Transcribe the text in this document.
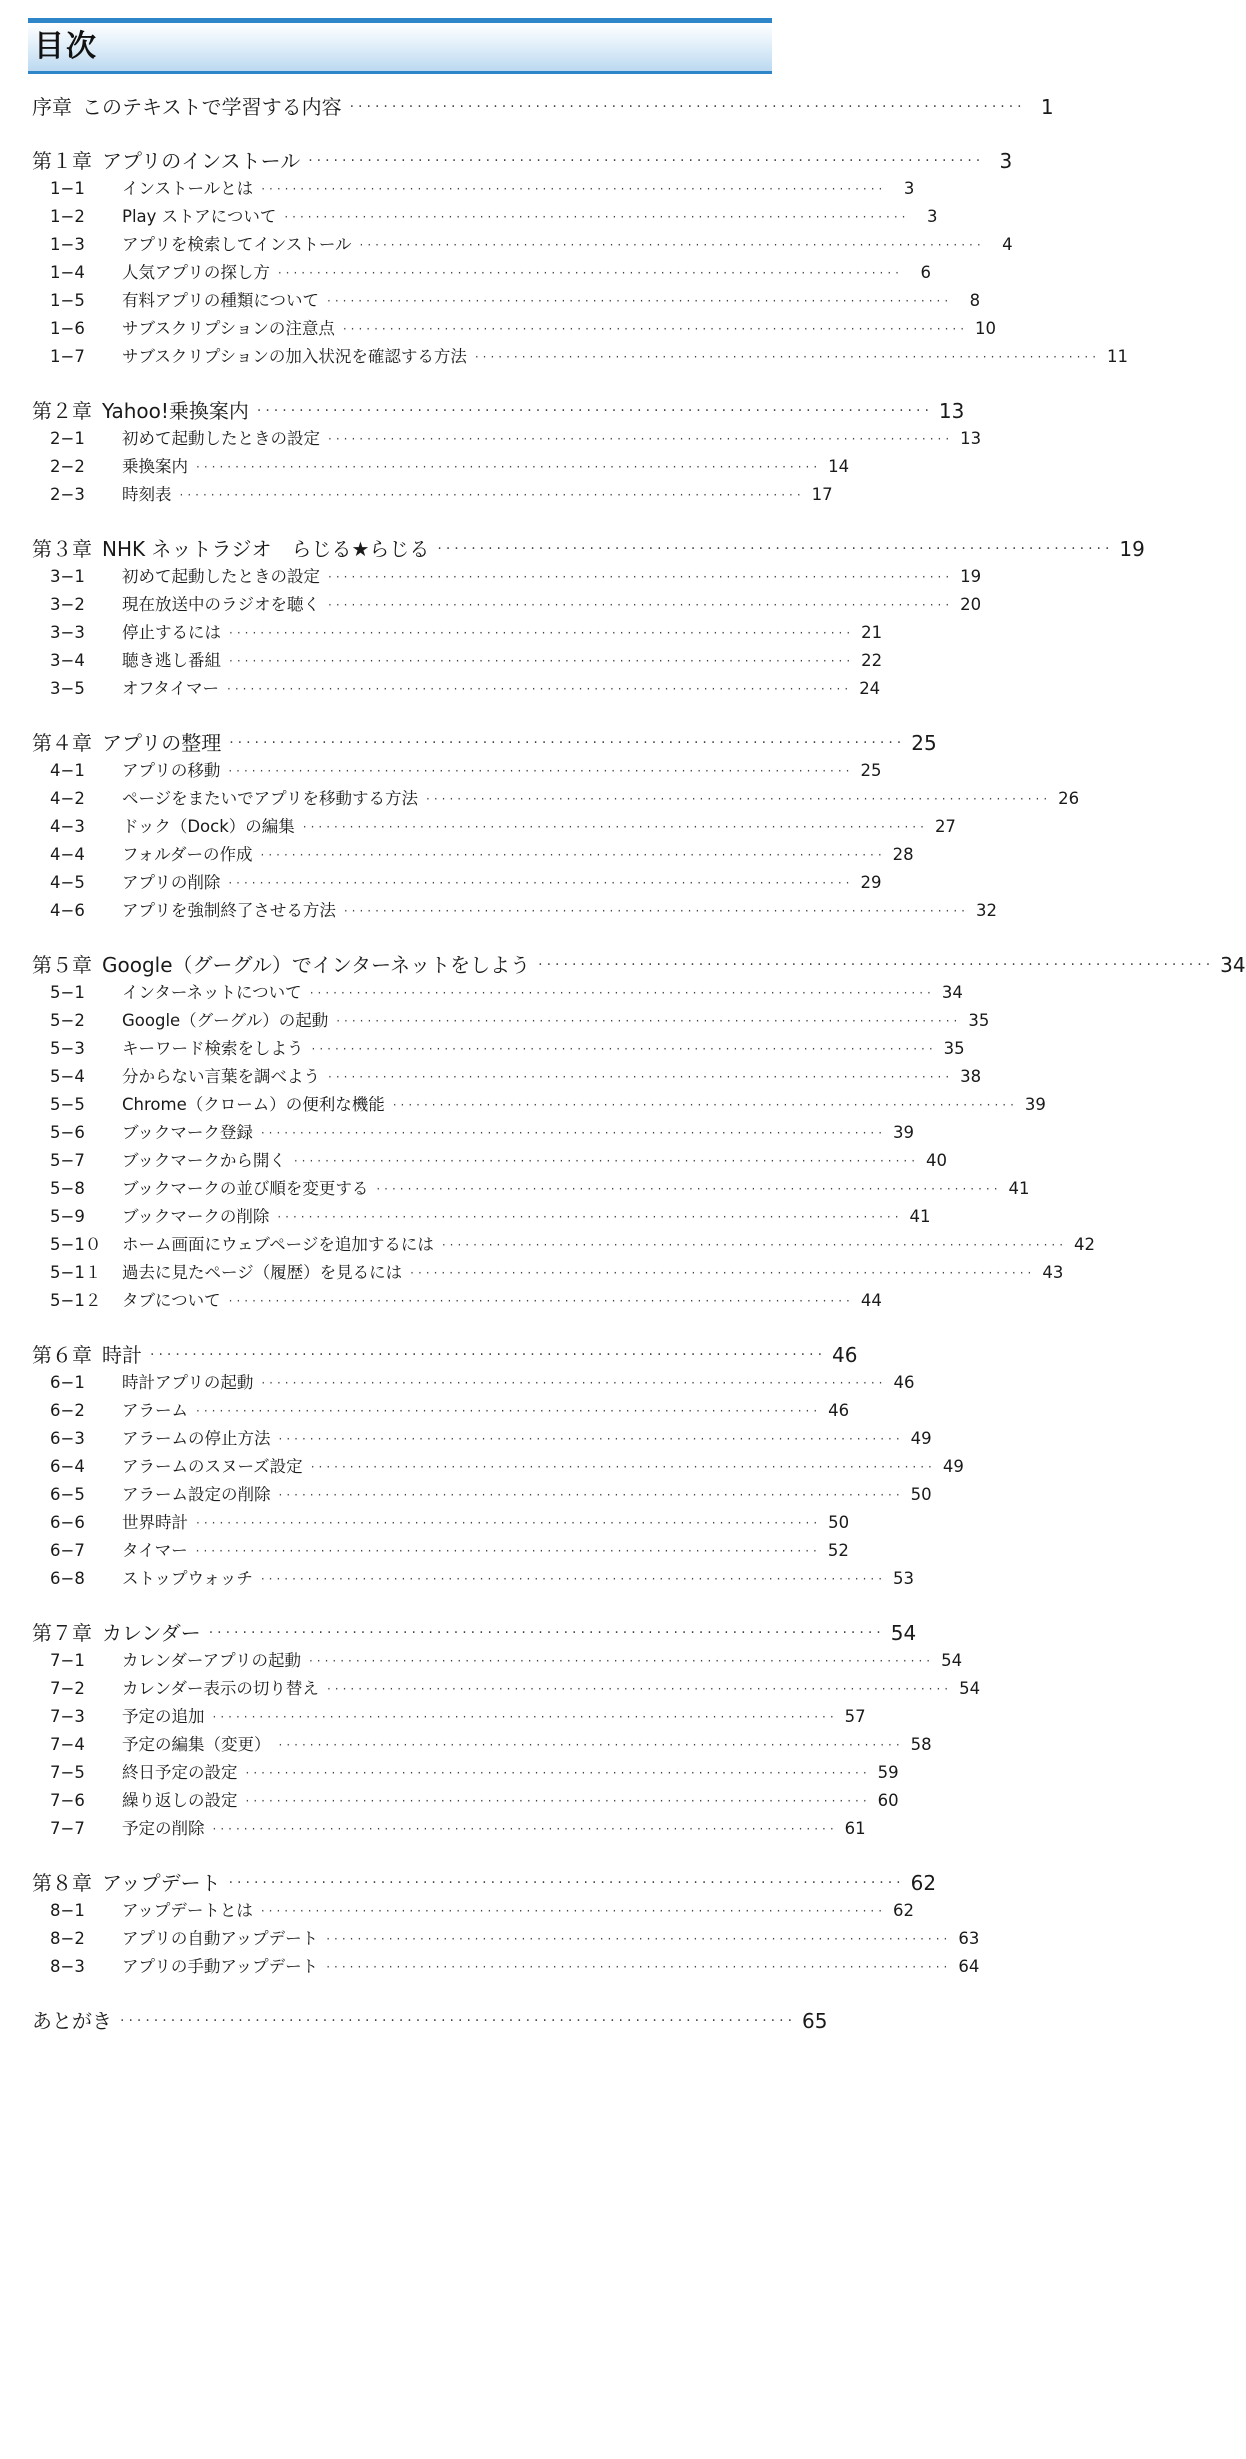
目次
序章 このテキストで学習する内容 ················································································ 1
第１章 アプリのインストール ················································································ 3
1−1 インストールとは ················································································	3
1−2 Play ストアについて ················································································	3
1−3 アプリを検索してインストール ················································································	4
1−4 人気アプリの探し方 ················································································	6
1−5 有料アプリの種類について ················································································	8
1−6 サブスクリプションの注意点 ················································································ 10
1−7 サブスクリプションの加入状況を確認する方法 ················································································ 11
第２章 Yahoo!乗換案内 ················································································ 13
2−1 初めて起動したときの設定 ················································································ 13
2−2 乗換案内 ················································································ 14
2−3 時刻表 ················································································ 17
第３章 NHK ネットラジオ　らじる★らじる ················································································ 19
3−1 初めて起動したときの設定 ················································································ 19
3−2 現在放送中のラジオを聴く ················································································ 20
3−3 停止するには ················································································ 21
3−4 聴き逃し番組 ················································································ 22
3−5 オフタイマー ················································································ 24
第４章 アプリの整理 ················································································ 25
4−1 アプリの移動 ················································································ 25
4−2 ページをまたいでアプリを移動する方法 ················································································ 26
4−3 ドック（Dock）の編集 ················································································ 27
4−4 フォルダーの作成 ················································································ 28
4−5 アプリの削除 ················································································ 29
4−6 アプリを強制終了させる方法 ················································································ 32
第５章 Google（グーグル）でインターネットをしよう ················································································ 34
5−1 インターネットについて ················································································ 34
5−2 Google（グーグル）の起動 ················································································ 35
5−3 キーワード検索をしよう ················································································ 35
5−4 分からない言葉を調べよう ················································································ 38
5−5 Chrome（クローム）の便利な機能 ················································································ 39
5−6 ブックマーク登録 ················································································ 39
5−7 ブックマークから開く ················································································ 40
5−8 ブックマークの並び順を変更する ················································································ 41
5−9 ブックマークの削除 ················································································ 41
5−1０ ホーム画面にウェブページを追加するには ················································································ 42
5−1１ 過去に見たページ（履歴）を見るには ················································································ 43
5−1２ タブについて ················································································ 44
第６章 時計 ················································································ 46
6−1 時計アプリの起動 ················································································ 46
6−2 アラーム ················································································ 46
6−3 アラームの停止方法 ················································································ 49
6−4 アラームのスヌーズ設定 ················································································ 49
6−5 アラーム設定の削除 ················································································ 50
6−6 世界時計 ················································································ 50
6−7 タイマー ················································································ 52
6−8 ストップウォッチ ················································································ 53
第７章 カレンダー ················································································ 54
7−1 カレンダーアプリの起動 ················································································ 54
7−2 カレンダー表示の切り替え ················································································ 54
7−3 予定の追加 ················································································ 57
7−4 予定の編集（変更） ················································································ 58
7−5 終日予定の設定 ················································································ 59
7−6 繰り返しの設定 ················································································ 60
7−7 予定の削除 ················································································ 61
第８章 アップデート ················································································ 62
8−1 アップデートとは ················································································ 62
8−2 アプリの自動アップデート ················································································ 63
8−3 アプリの手動アップデート ················································································ 64
あとがき ················································································ 65
